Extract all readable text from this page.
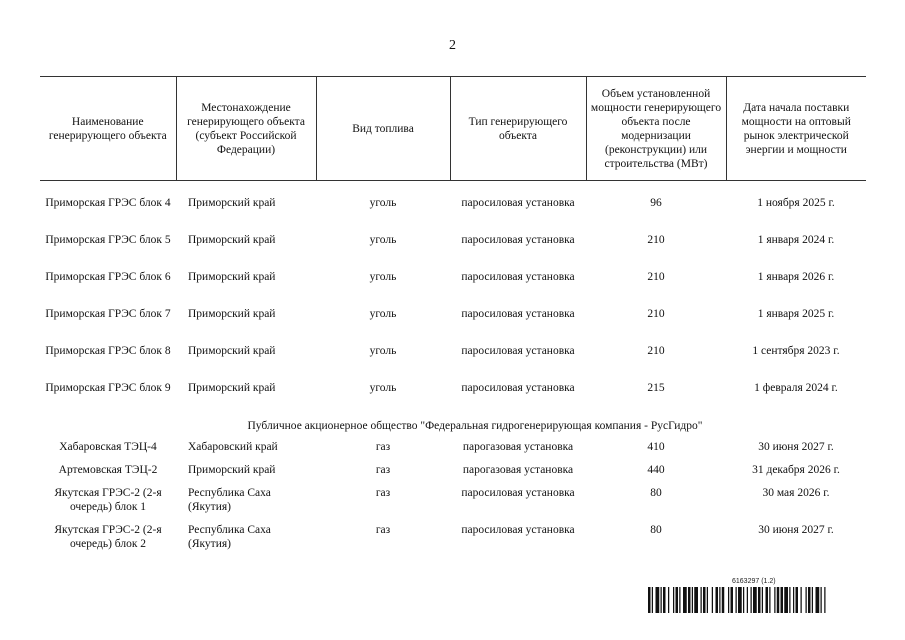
2
Наименование генерирующего объекта	Местонахождение генерирующего объекта (субъект Российской Федерации)	Вид топлива	Тип генерирующего объекта	Объем установленной мощности генерирующего объекта после модернизации (реконструкции) или строительства (МВт)	Дата начала поставки мощности на оптовый рынок электрической энергии и мощности
Приморская ГРЭС блок 4	Приморский край	уголь	паросиловая установка	96	1 ноября 2025 г.
Приморская ГРЭС блок 5	Приморский край	уголь	паросиловая установка	210	1 января 2024 г.
Приморская ГРЭС блок 6	Приморский край	уголь	паросиловая установка	210	1 января 2026 г.
Приморская ГРЭС блок 7	Приморский край	уголь	паросиловая установка	210	1 января 2025 г.
Приморская ГРЭС блок 8	Приморский край	уголь	паросиловая установка	210	1 сентября 2023 г.
Приморская ГРЭС блок 9	Приморский край	уголь	паросиловая установка	215	1 февраля 2024 г.
Публичное акционерное общество "Федеральная гидрогенерирующая компания - РусГидро"					
Хабаровская ТЭЦ-4	Хабаровский край	газ	парогазовая установка	410	30 июня 2027 г.
Артемовская ТЭЦ-2	Приморский край	газ	парогазовая установка	440	31 декабря 2026 г.
Якутская ГРЭС-2 (2-я очередь) блок 1	Республика Саха (Якутия)	газ	паросиловая установка	80	30 мая 2026 г.
Якутская ГРЭС-2 (2-я очередь) блок 2	Республика Саха (Якутия)	газ	паросиловая установка	80	30 июня 2027 г.
6163297 (1.2)
